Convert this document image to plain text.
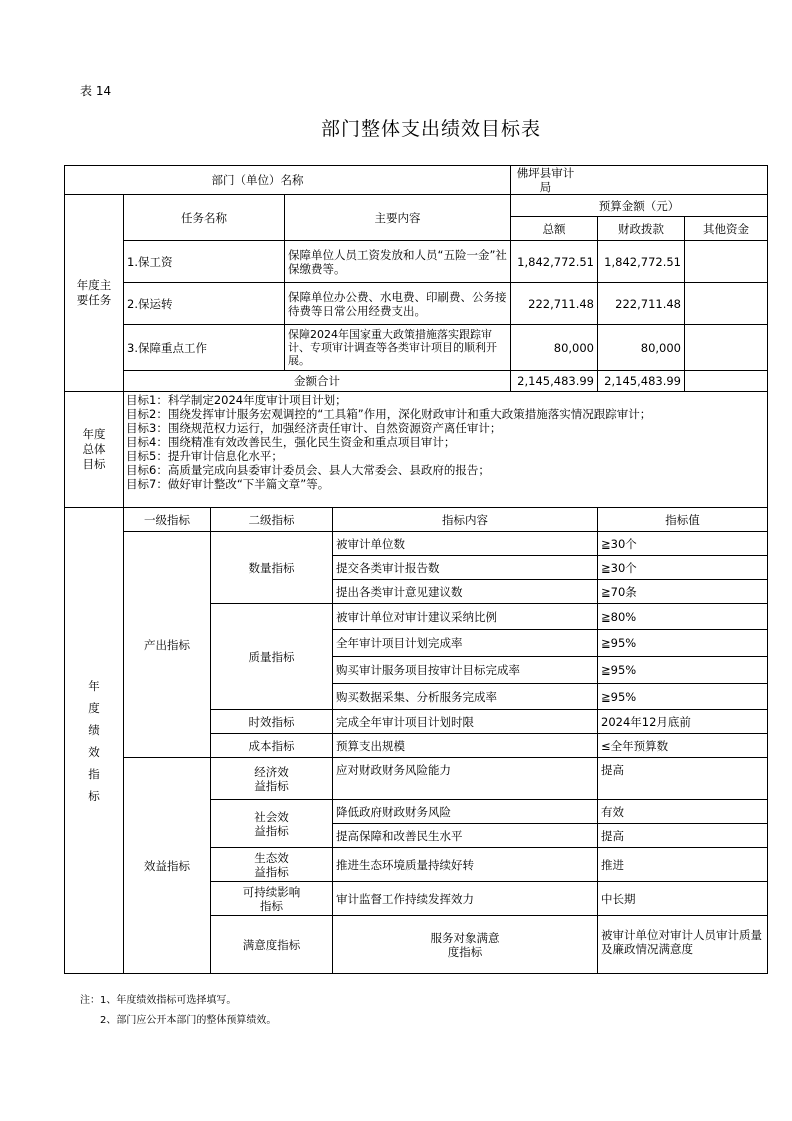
表 14
部门整体支出绩效目标表
部门（单位）名称			佛坪县审计局		

年度主要任务	任务名称	主要内容	预算金额（元）		
			总额	财政拨款	其他资金
	1.保工资	保障单位人员工资发放和人员“五险一金”社保缴费等。	1,842,772.51	1,842,772.51	
	2.保运转	保障单位办公费、水电费、印刷费、公务接待费等日常公用经费支出。	222,711.48	222,711.48	
	3.保障重点工作	保障2024年国家重大政策措施落实跟踪审计、专项审计调查等各类审计项目的顺利开展。	80,000	80,000	
	金额合计		2,145,483.99	2,145,483.99	
年度总体目标

目标1：科学制定2024年度审计项目计划；
目标2：围绕发挥审计服务宏观调控的“工具箱”作用，深化财政审计和重大政策措施落实情况跟踪审计；
目标3：围绕规范权力运行，加强经济责任审计、自然资源资产离任审计；
目标4：围绕精准有效改善民生，强化民生资金和重点项目审计；
目标5：提升审计信息化水平；
目标6：高质量完成向县委审计委员会、县人大常委会、县政府的报告；
目标7：做好审计整改“下半篇文章”等。
年度绩效指标	一级指标	二级指标	指标内容	指标值	
	产出指标	数量指标	被审计单位数	≧30个	
			提交各类审计报告数	≧30个	
			提出各类审计意见建议数	≧70条	
		质量指标	被审计单位对审计建议采纳比例	≧80%	
			全年审计项目计划完成率	≧95%	
			购买审计服务项目按审计目标完成率	≧95%	
			购买数据采集、分析服务完成率	≧95%	
		时效指标	完成全年审计项目计划时限	2024年12月底前	
		成本指标	预算支出规模	≤全年预算数	
	效益指标	经济效益指标	应对财政财务风险能力	提高	

		社会效益指标	降低政府财政财务风险	有效	
			提高保障和改善民生水平	提高	

		生态效益指标	推进生态环境质量持续好转	推进	

		可持续影响指标	审计监督工作持续发挥效力	中长期	
		满意度指标	服务对象满意度指标	被审计单位对审计人员审计质量及廉政情况满意度	
注：1、年度绩效指标可选择填写。
2、部门应公开本部门的整体预算绩效。
